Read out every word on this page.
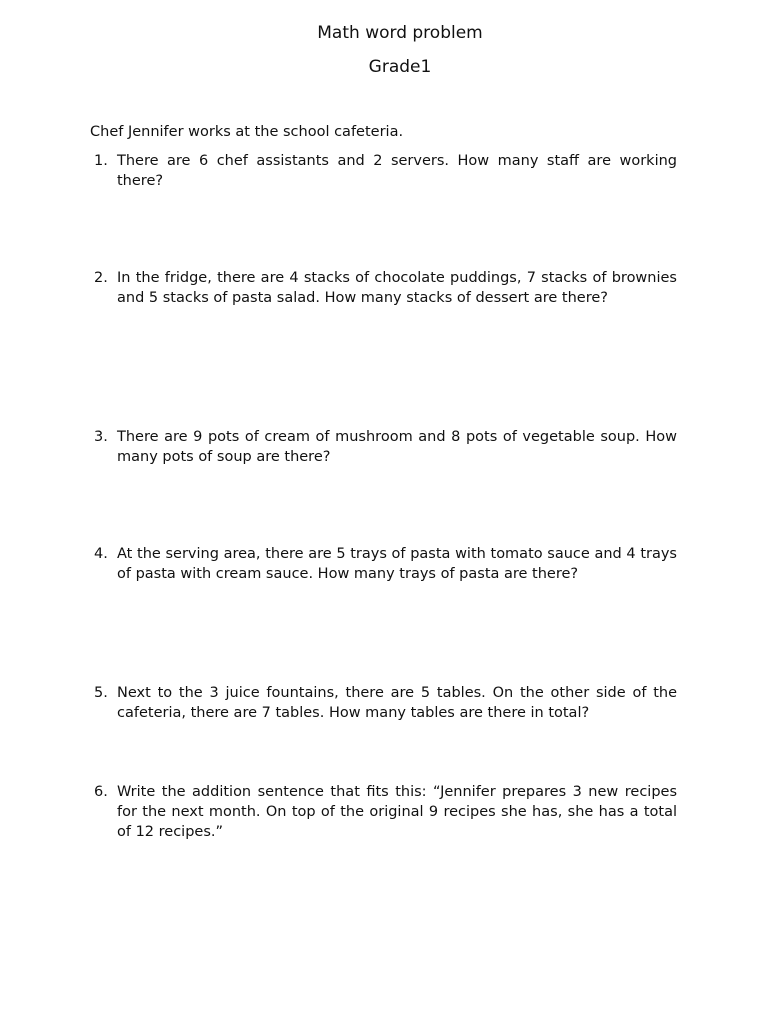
Math word problem
Grade1

Chef Jennifer works at the school cafeteria.

1. There are 6 chef assistants and 2 servers. How many staff are working there?
2. In the fridge, there are 4 stacks of chocolate puddings, 7 stacks of brownies and 5 stacks of pasta salad. How many stacks of dessert are there?
3. There are 9 pots of cream of mushroom and 8 pots of vegetable soup. How many pots of soup are there?
4. At the serving area, there are 5 trays of pasta with tomato sauce and 4 trays of pasta with cream sauce. How many trays of pasta are there?
5. Next to the 3 juice fountains, there are 5 tables. On the other side of the cafeteria, there are 7 tables. How many tables are there in total?
6. Write the addition sentence that fits this: “Jennifer prepares 3 new recipes for the next month. On top of the original 9 recipes she has, she has a total of 12 recipes.”
